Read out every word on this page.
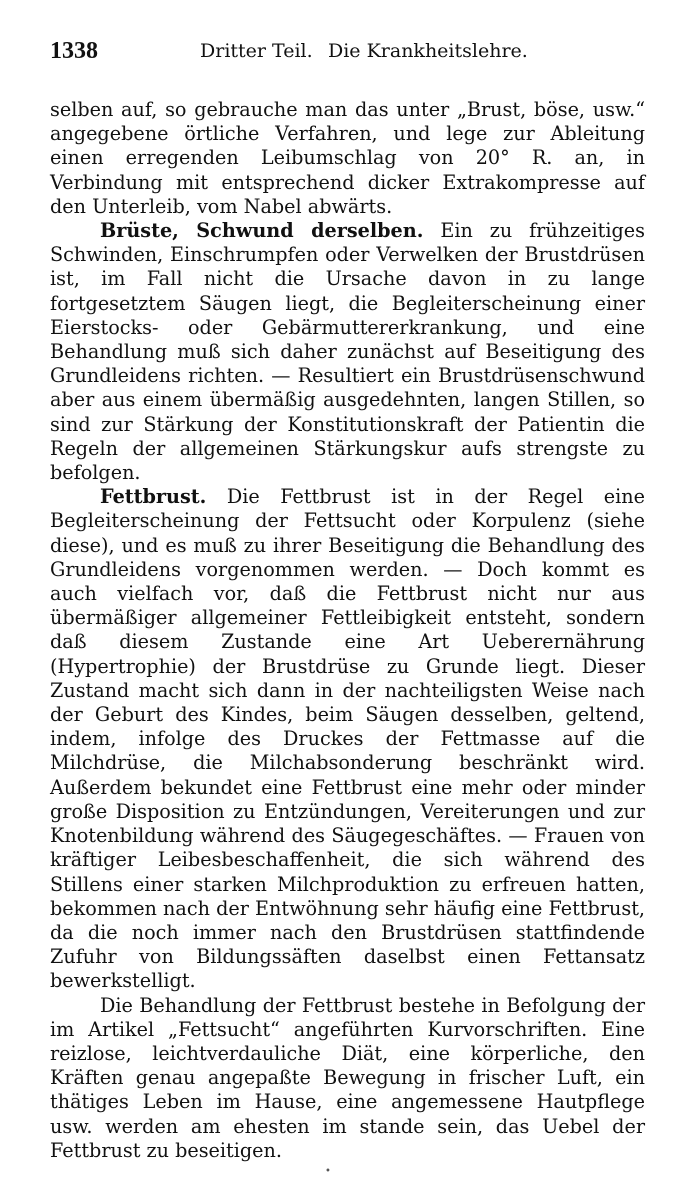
1338	Dritter Teil. Die Krankheitslehre.

selben auf, so gebrauche man das unter „Brust, böse, usw.“ angegebene örtliche Verfahren, und lege zur Ableitung einen erregenden Leibumschlag von 20° R. an, in Verbindung mit entsprechend dicker Extrakompresse auf den Unterleib, vom Nabel abwärts.

Brüste, Schwund derselben. Ein zu frühzeitiges Schwinden, Einschrumpfen oder Verwelken der Brustdrüsen ist, im Fall nicht die Ursache davon in zu lange fortgesetztem Säugen liegt, die Begleiterscheinung einer Eierstocks- oder Gebärmuttererkrankung, und eine Behandlung muß sich daher zunächst auf Beseitigung des Grundleidens richten. — Resultiert ein Brustdrüsenschwund aber aus einem übermäßig ausgedehnten, langen Stillen, so sind zur Stärkung der Konstitutionskraft der Patientin die Regeln der allgemeinen Stärkungskur aufs strengste zu befolgen.

Fettbrust. Die Fettbrust ist in der Regel eine Begleiterscheinung der Fettsucht oder Korpulenz (siehe diese), und es muß zu ihrer Beseitigung die Behandlung des Grundleidens vorgenommen werden. — Doch kommt es auch vielfach vor, daß die Fettbrust nicht nur aus übermäßiger allgemeiner Fettleibigkeit entsteht, sondern daß diesem Zustande eine Art Ueberernährung (Hypertrophie) der Brustdrüse zu Grunde liegt. Dieser Zustand macht sich dann in der nachteiligsten Weise nach der Geburt des Kindes, beim Säugen desselben, geltend, indem, infolge des Druckes der Fettmasse auf die Milchdrüse, die Milchabsonderung beschränkt wird. Außerdem bekundet eine Fettbrust eine mehr oder minder große Disposition zu Entzündungen, Vereiterungen und zur Knotenbildung während des Säugegeschäftes. — Frauen von kräftiger Leibesbeschaffenheit, die sich während des Stillens einer starken Milchproduktion zu erfreuen hatten, bekommen nach der Entwöhnung sehr häufig eine Fettbrust, da die noch immer nach den Brustdrüsen stattfindende Zufuhr von Bildungssäften daselbst einen Fettansatz bewerkstelligt.

Die Behandlung der Fettbrust bestehe in Befolgung der im Artikel „Fettsucht“ angeführten Kurvorschriften. Eine reizlose, leichtverdauliche Diät, eine körperliche, den Kräften genau angepaßte Bewegung in frischer Luft, ein thätiges Leben im Hause, eine angemessene Hautpflege usw. werden am ehesten im stande sein, das Uebel der Fettbrust zu beseitigen.

•
